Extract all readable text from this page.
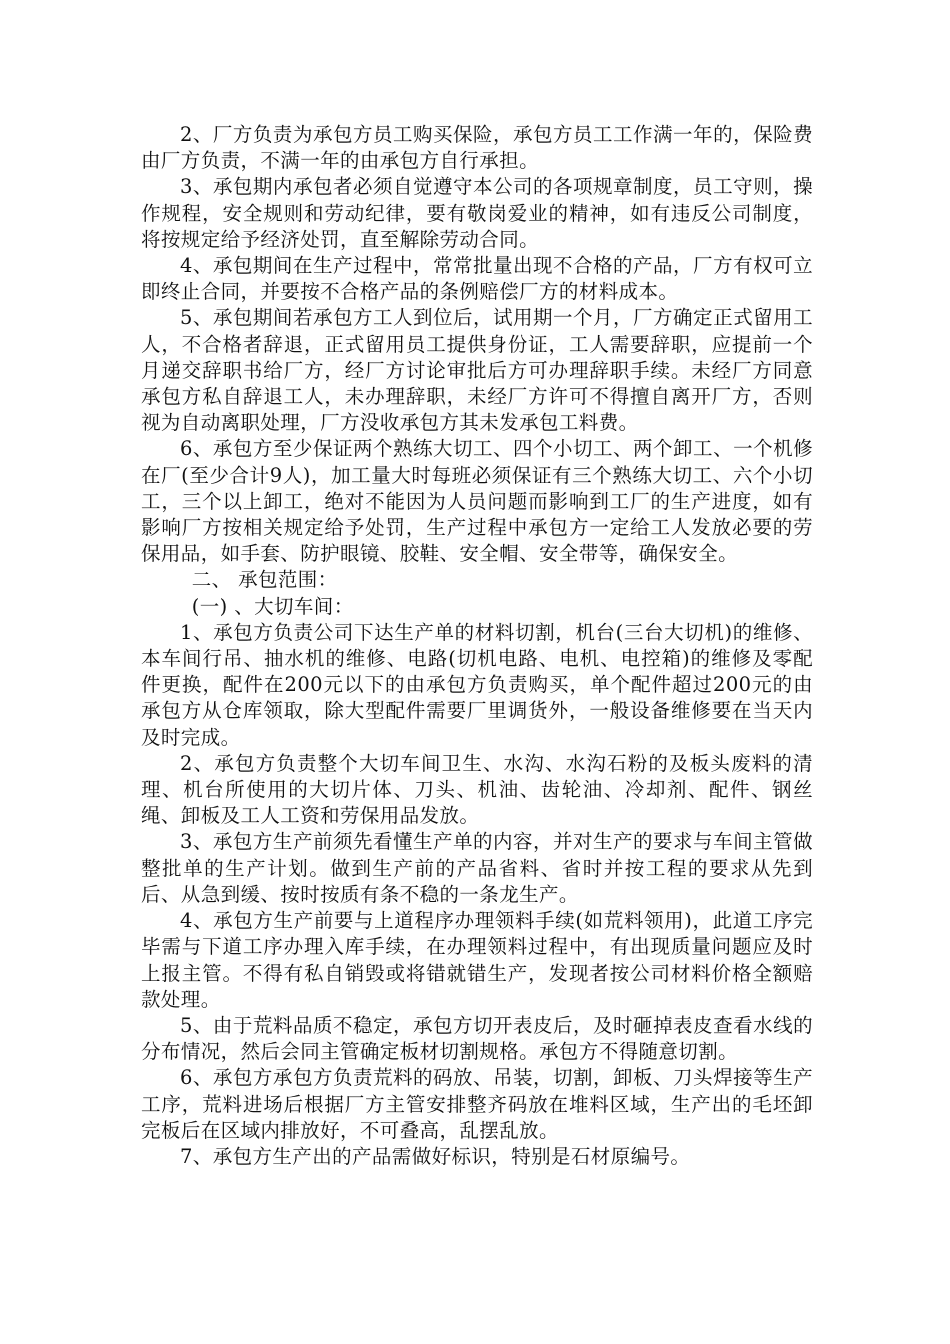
2、厂方负责为承包方员工购买保险，承包方员工工作满一年的，保险费由厂方负责，不满一年的由承包方自行承担。

3、承包期内承包者必须自觉遵守本公司的各项规章制度，员工守则，操作规程，安全规则和劳动纪律，要有敬岗爱业的精神，如有违反公司制度，将按规定给予经济处罚，直至解除劳动合同。

4、承包期间在生产过程中，常常批量出现不合格的产品，厂方有权可立即终止合同，并要按不合格产品的条例赔偿厂方的材料成本。

5、承包期间若承包方工人到位后，试用期一个月，厂方确定正式留用工人，不合格者辞退，正式留用员工提供身份证，工人需要辞职，应提前一个月递交辞职书给厂方，经厂方讨论审批后方可办理辞职手续。未经厂方同意承包方私自辞退工人，未办理辞职，未经厂方许可不得擅自离开厂方，否则视为自动离职处理，厂方没收承包方其未发承包工料费。

6、承包方至少保证两个熟练大切工、四个小切工、两个卸工、一个机修在厂(至少合计9人)，加工量大时每班必须保证有三个熟练大切工、六个小切工，三个以上卸工，绝对不能因为人员问题而影响到工厂的生产进度，如有影响厂方按相关规定给予处罚，生产过程中承包方一定给工人发放必要的劳保用品，如手套、防护眼镜、胶鞋、安全帽、安全带等，确保安全。

二、 承包范围：

(一) 、大切车间：

1、承包方负责公司下达生产单的材料切割，机台(三台大切机)的维修、本车间行吊、抽水机的维修、电路(切机电路、电机、电控箱)的维修及零配件更换，配件在200元以下的由承包方负责购买，单个配件超过200元的由承包方从仓库领取，除大型配件需要厂里调货外，一般设备维修要在当天内及时完成。

2、承包方负责整个大切车间卫生、水沟、水沟石粉的及板头废料的清理、机台所使用的大切片体、刀头、机油、齿轮油、冷却剂、配件、钢丝绳、卸板及工人工资和劳保用品发放。

3、承包方生产前须先看懂生产单的内容，并对生产的要求与车间主管做整批单的生产计划。做到生产前的产品省料、省时并按工程的要求从先到后、从急到缓、按时按质有条不稳的一条龙生产。

4、承包方生产前要与上道程序办理领料手续(如荒料领用)，此道工序完毕需与下道工序办理入库手续，在办理领料过程中，有出现质量问题应及时上报主管。不得有私自销毁或将错就错生产，发现者按公司材料价格全额赔款处理。

5、由于荒料品质不稳定，承包方切开表皮后，及时砸掉表皮查看水线的分布情况，然后会同主管确定板材切割规格。承包方不得随意切割。

6、承包方承包方负责荒料的码放、吊装，切割，卸板、刀头焊接等生产工序，荒料进场后根据厂方主管安排整齐码放在堆料区域，生产出的毛坯卸完板后在区域内排放好，不可叠高，乱摆乱放。

7、承包方生产出的产品需做好标识，特别是石材原编号。
